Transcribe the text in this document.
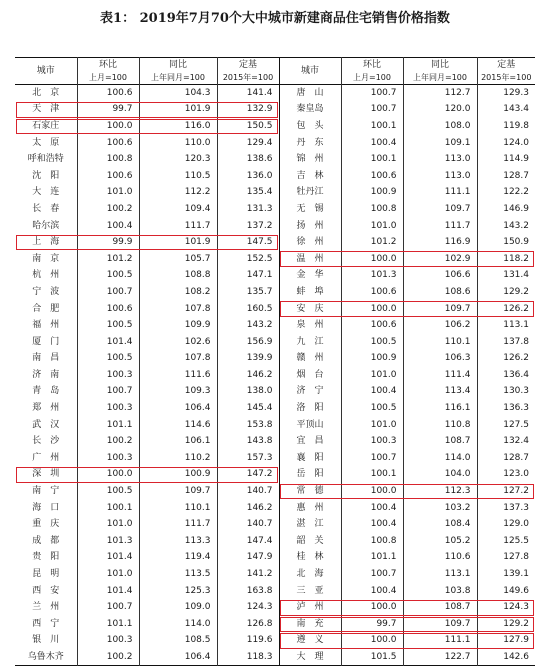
表1： 2019年7月70个大中城市新建商品住宅销售价格指数
城市	环比	同比	定基	城市	环比	同比	定基
	上月=100	上年同月=100	2015年=100		上月=100	上年同月=100	2015年=100
北　京	100.6	104.3	141.4	唐　山	100.7	112.7	129.3
天　津	99.7	101.9	132.9	秦皇岛	100.7	120.0	143.4
石家庄	100.0	116.0	150.5	包　头	100.1	108.0	119.8
太　原	100.6	110.0	129.4	丹　东	100.4	109.1	124.0
呼和浩特	100.8	120.3	138.6	锦　州	100.1	113.0	114.9
沈　阳	100.6	110.5	136.0	吉　林	100.6	113.0	128.7
大　连	101.0	112.2	135.4	牡丹江	100.9	111.1	122.2
长　春	100.2	109.4	131.3	无　锡	100.8	109.7	146.9
哈尔滨	100.4	111.7	137.2	扬　州	101.0	111.7	143.2
上　海	99.9	101.9	147.5	徐　州	101.2	116.9	150.9
南　京	101.2	105.7	152.5	温　州	100.0	102.9	118.2
杭　州	100.5	108.8	147.1	金　华	101.3	106.6	131.4
宁　波	100.7	108.2	135.7	蚌　埠	100.6	108.6	129.2
合　肥	100.6	107.8	160.5	安　庆	100.0	109.7	126.2
福　州	100.5	109.9	143.2	泉　州	100.6	106.2	113.1
厦　门	101.4	102.6	156.9	九　江	100.5	110.1	137.8
南　昌	100.5	107.8	139.9	赣　州	100.9	106.3	126.2
济　南	100.3	111.6	146.2	烟　台	101.0	111.4	136.4
青　岛	100.7	109.3	138.0	济　宁	100.4	113.4	130.3
郑　州	100.3	106.4	145.4	洛　阳	100.5	116.1	136.3
武　汉	101.1	114.6	153.8	平顶山	101.0	110.8	127.5
长　沙	100.2	106.1	143.8	宜　昌	100.3	108.7	132.4
广　州	100.3	110.2	157.3	襄　阳	100.7	114.0	128.7
深　圳	100.0	100.9	147.2	岳　阳	100.1	104.0	123.0
南　宁	100.5	109.7	140.7	常　德	100.0	112.3	127.2
海　口	100.1	110.1	146.2	惠　州	100.4	103.2	137.3
重　庆	101.0	111.7	140.7	湛　江	100.4	108.4	129.0
成　都	101.3	113.3	147.4	韶　关	100.8	105.2	125.5
贵　阳	101.4	119.4	147.9	桂　林	101.1	110.6	127.8
昆　明	101.0	113.5	141.2	北　海	100.7	113.1	139.1
西　安	101.4	125.3	163.8	三　亚	100.4	103.8	149.6
兰　州	100.7	109.0	124.3	泸　州	100.0	108.7	124.3
西　宁	101.1	114.0	126.8	南　充	99.7	109.7	129.2
银　川	100.3	108.5	119.6	遵　义	100.0	111.1	127.9
乌鲁木齐	100.2	106.4	118.3	大　理	101.5	122.7	142.6
